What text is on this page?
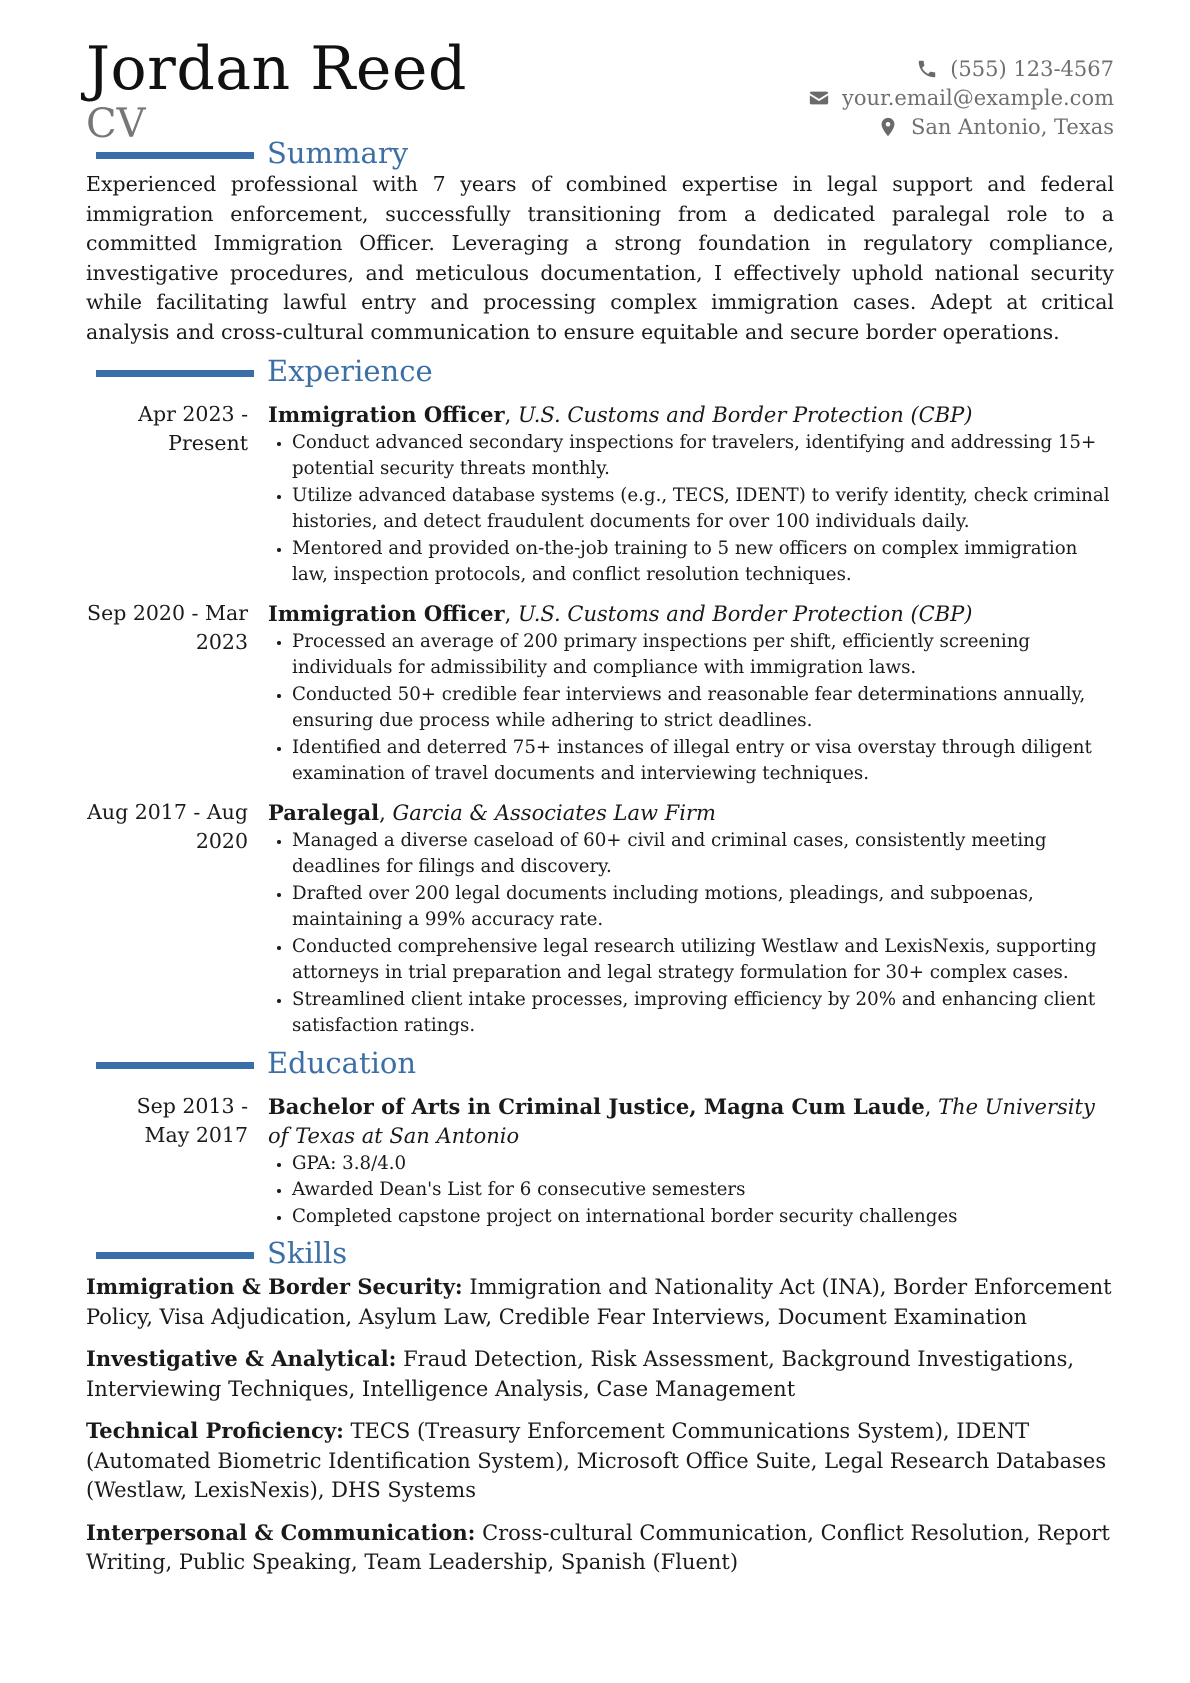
Jordan Reed
CV
(555) 123-4567
your.email@example.com
San Antonio, Texas
Summary
Experienced professional with 7 years of combined expertise in legal support and federal immigration enforcement, successfully transitioning from a dedicated paralegal role to a committed Immigration Officer. Leveraging a strong foundation in regulatory compliance, investigative procedures, and meticulous documentation, I effectively uphold national security while facilitating lawful entry and processing complex immigration cases. Adept at critical analysis and cross-cultural communication to ensure equitable and secure border operations.
Experience
Apr 2023 - Present
Immigration Officer, U.S. Customs and Border Protection (CBP)
• Conduct advanced secondary inspections for travelers, identifying and addressing 15+ potential security threats monthly.
• Utilize advanced database systems (e.g., TECS, IDENT) to verify identity, check criminal histories, and detect fraudulent documents for over 100 individuals daily.
• Mentored and provided on-the-job training to 5 new officers on complex immigration law, inspection protocols, and conflict resolution techniques.
Sep 2020 - Mar 2023
Immigration Officer, U.S. Customs and Border Protection (CBP)
• Processed an average of 200 primary inspections per shift, efficiently screening individuals for admissibility and compliance with immigration laws.
• Conducted 50+ credible fear interviews and reasonable fear determinations annually, ensuring due process while adhering to strict deadlines.
• Identified and deterred 75+ instances of illegal entry or visa overstay through diligent examination of travel documents and interviewing techniques.
Aug 2017 - Aug 2020
Paralegal, Garcia & Associates Law Firm
• Managed a diverse caseload of 60+ civil and criminal cases, consistently meeting deadlines for filings and discovery.
• Drafted over 200 legal documents including motions, pleadings, and subpoenas, maintaining a 99% accuracy rate.
• Conducted comprehensive legal research utilizing Westlaw and LexisNexis, supporting attorneys in trial preparation and legal strategy formulation for 30+ complex cases.
• Streamlined client intake processes, improving efficiency by 20% and enhancing client satisfaction ratings.
Education
Sep 2013 - May 2017
Bachelor of Arts in Criminal Justice, Magna Cum Laude, The University of Texas at San Antonio
• GPA: 3.8/4.0
• Awarded Dean's List for 6 consecutive semesters
• Completed capstone project on international border security challenges
Skills
Immigration & Border Security: Immigration and Nationality Act (INA), Border Enforcement Policy, Visa Adjudication, Asylum Law, Credible Fear Interviews, Document Examination
Investigative & Analytical: Fraud Detection, Risk Assessment, Background Investigations, Interviewing Techniques, Intelligence Analysis, Case Management
Technical Proficiency: TECS (Treasury Enforcement Communications System), IDENT (Automated Biometric Identification System), Microsoft Office Suite, Legal Research Databases (Westlaw, LexisNexis), DHS Systems
Interpersonal & Communication: Cross-cultural Communication, Conflict Resolution, Report Writing, Public Speaking, Team Leadership, Spanish (Fluent)
